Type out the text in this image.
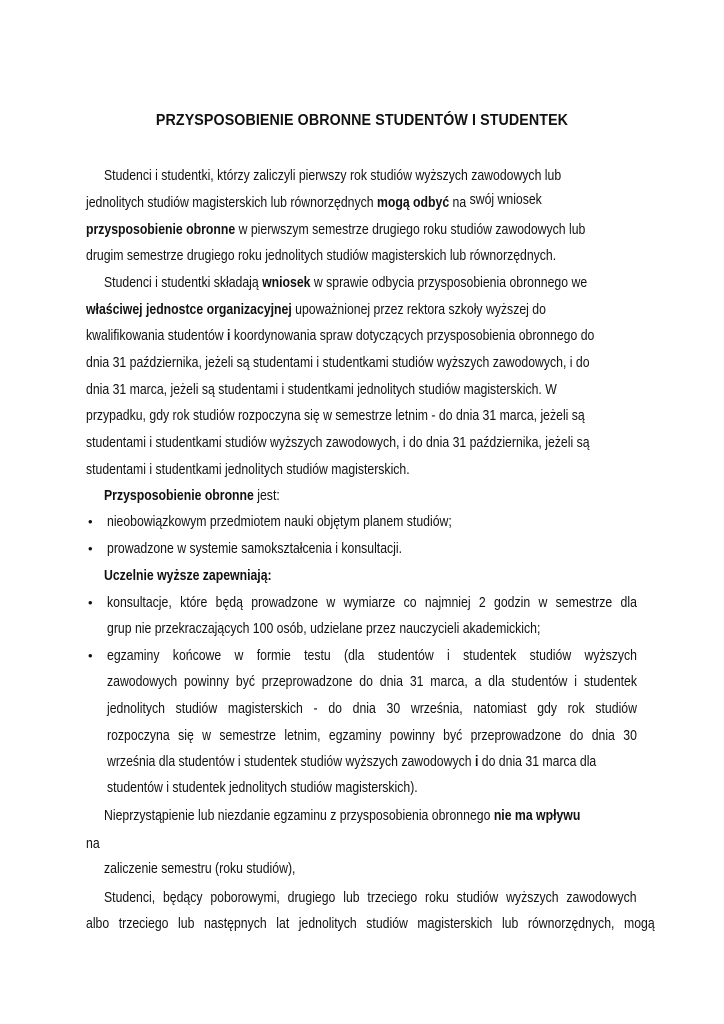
PRZYSPOSOBIENIE OBRONNE STUDENTÓW I STUDENTEK
Studenci i studentki, którzy zaliczyli pierwszy rok studiów wyższych zawodowych lub
jednolitych studiów magisterskich lub równorzędnych mogą odbyć na swój wniosek
przysposobienie obronne w pierwszym semestrze drugiego roku studiów zawodowych lub
drugim semestrze drugiego roku jednolitych studiów magisterskich lub równorzędnych.
Studenci i studentki składają wniosek w sprawie odbycia przysposobienia obronnego we
właściwej jednostce organizacyjnej upoważnionej przez rektora szkoły wyższej do
kwalifikowania studentów i koordynowania spraw dotyczących przysposobienia obronnego do
dnia 31 października, jeżeli są studentami i studentkami studiów wyższych zawodowych, i do
dnia 31 marca, jeżeli są studentami i studentkami jednolitych studiów magisterskich. W
przypadku, gdy rok studiów rozpoczyna się w semestrze letnim - do dnia 31 marca, jeżeli są
studentami i studentkami studiów wyższych zawodowych, i do dnia 31 października, jeżeli są
studentami i studentkami jednolitych studiów magisterskich.
Przysposobienie obronne jest:
• nieobowiązkowym przedmiotem nauki objętym planem studiów;
• prowadzone w systemie samokształcenia i konsultacji.
Uczelnie wyższe zapewniają:
• konsultacje, które będą prowadzone w wymiarze co najmniej 2 godzin w semestrze dla
grup nie przekraczających 100 osób, udzielane przez nauczycieli akademickich;
• egzaminy końcowe w formie testu (dla studentów i studentek studiów wyższych
zawodowych powinny być przeprowadzone do dnia 31 marca, a dla studentów i studentek
jednolitych studiów magisterskich - do dnia 30 września, natomiast gdy rok studiów
rozpoczyna się w semestrze letnim, egzaminy powinny być przeprowadzone do dnia 30
września dla studentów i studentek studiów wyższych zawodowych i do dnia 31 marca dla
studentów i studentek jednolitych studiów magisterskich).
Nieprzystąpienie lub niezdanie egzaminu z przysposobienia obronnego nie ma wpływu
na
zaliczenie semestru (roku studiów),
Studenci, będący poborowymi, drugiego lub trzeciego roku studiów wyższych zawodowych
albo trzeciego lub następnych lat jednolitych studiów magisterskich lub równorzędnych, mogą
